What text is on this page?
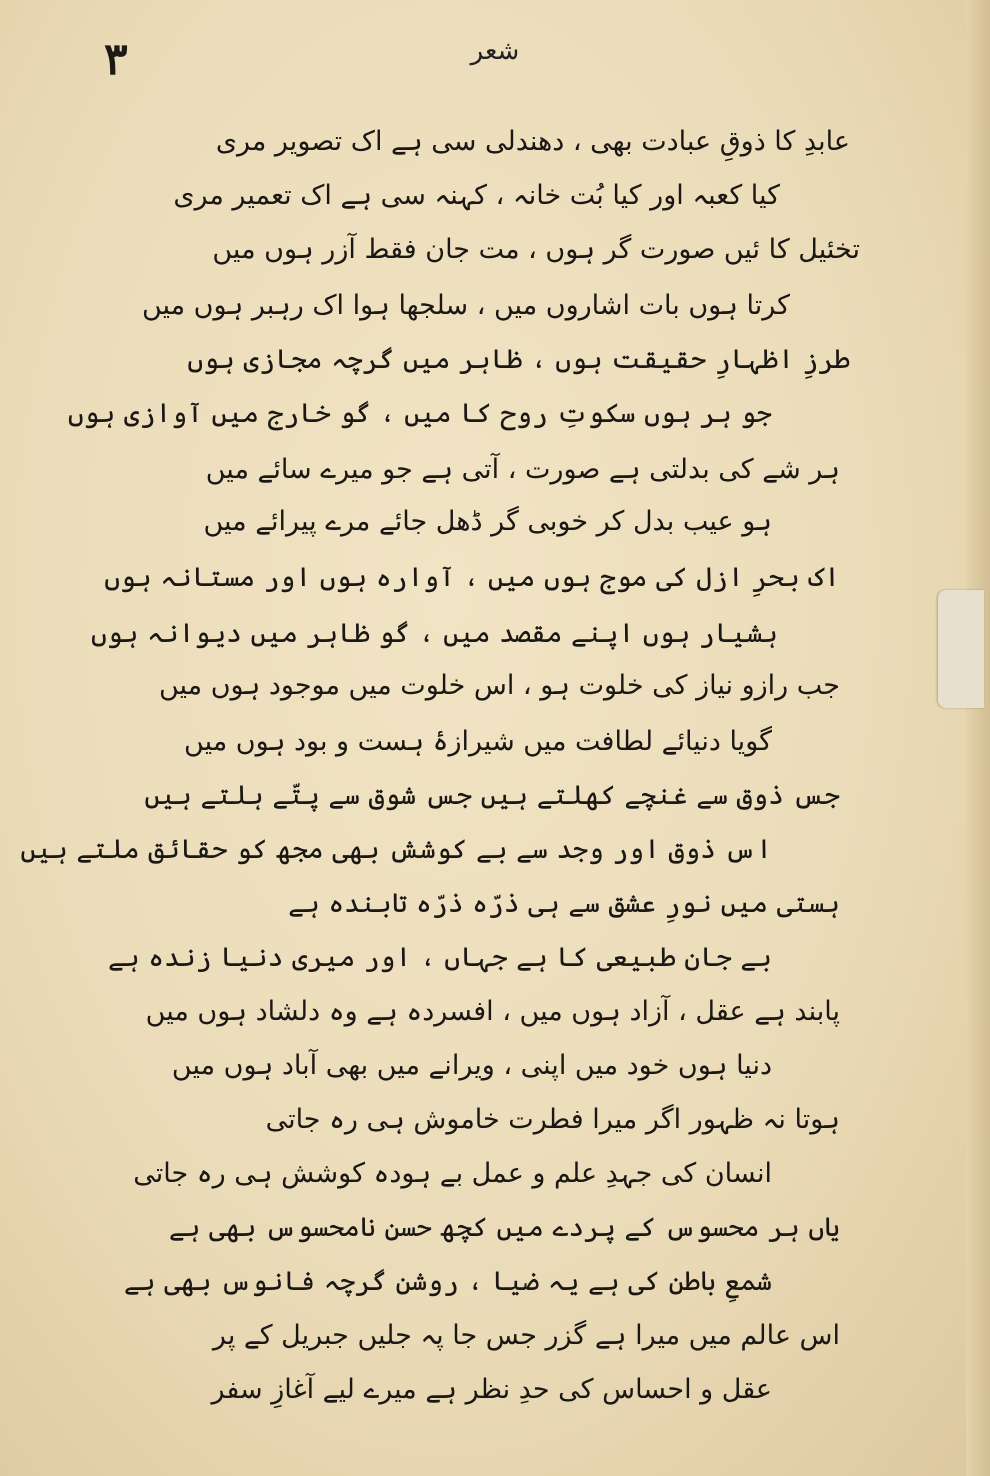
۳	شعر
عابدِ کا ذوقِ عبادت بھی ، دھندلی سی ہے اک تصویر مری
کیا کعبہ اور کیا بُت خانہ ، کہنہ سی ہے اک تعمیر مری
تخئیل کا ئیں صورت گر ہوں ، مت جان فقط آزر ہوں میں
کرتا ہوں بات اشاروں میں ، سلجھا ہوا اک رہبر ہوں میں
طرزِ اظہارِ حقیقت ہوں ، ظاہر میں گرچہ مجازی ہوں
جو ہر ہوں سکوتِ روح کا میں ، گو خارج میں آوازی ہوں
ہر شے کی بدلتی ہے صورت ، آتی ہے جو میرے سائے میں
ہو عیب بدل کر خوبی گر ڈھل جائے مرے پیرائے میں
اک بحرِ ازل کی موج ہوں میں ، آوارہ ہوں اور مستانہ ہوں
ہشیار ہوں اپنے مقصد میں ، گو ظاہر میں دیوانہ ہوں
جب رازو نیاز کی خلوت ہو ، اس خلوت میں موجود ہوں میں
گویا دنیائے لطافت میں شیرازۂ ہست و بود ہوں میں
جس ذوق سے غنچے کھلتے ہیں جس شوق سے پتّے ہلتے ہیں
اس ذوق اور وجد سے بے کوشش بھی مجھ کو حقائق ملتے ہیں
ہستی میں نورِ عشق سے ہی ذرّہ ذرّہ تابندہ ہے
بے جان طبیعی کا ہے جہاں ، اور میری دنیا زندہ ہے
پابند ہے عقل ، آزاد ہوں میں ، افسردہ ہے وہ دلشاد ہوں میں
دنیا ہوں خود میں اپنی ، ویرانے میں بھی آباد ہوں میں
ہوتا نہ ظہور اگر میرا فطرت خاموش ہی رہ جاتی
انسان کی جہدِ علم و عمل بے ہودہ کوشش ہی رہ جاتی
یاں ہر محسوس کے پردے میں کچھ حسنِ نامحسوس بھی ہے
شمعِ باطن کی ہے یہ ضیا ، روشن گرچہ فانوس بھی ہے
اس عالم میں میرا ہے گزر جس جا پہ جلیں جبریل کے پر
عقل و احساس کی حدِ نظر ہے میرے لیے آغازِ سفر
